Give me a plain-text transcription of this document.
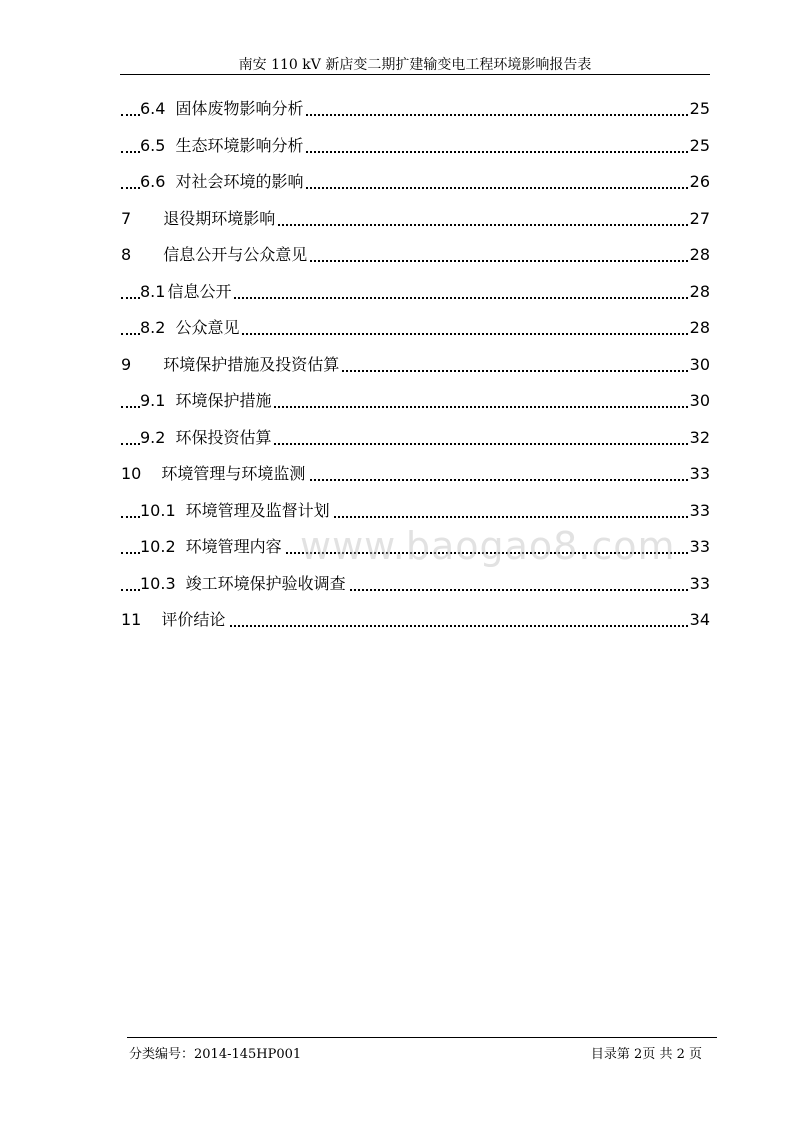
南安 110 kV 新店变二期扩建输变电工程环境影响报告表
6.4 固体废物影响分析	25
6.5 生态环境影响分析	25
6.6 对社会环境的影响	26
7 退役期环境影响	27
8 信息公开与公众意见	28
8.1 信息公开	28
8.2 公众意见	28
9 环境保护措施及投资估算	30
9.1 环境保护措施	30
9.2 环保投资估算	32
10 环境管理与环境监测	33
10.1 环境管理及监督计划	33
10.2 环境管理内容	33
10.3 竣工环境保护验收调查	33
11 评价结论	34
www.baogao8.com
分类编号：2014-145HP001	目录第 2页 共 2 页
